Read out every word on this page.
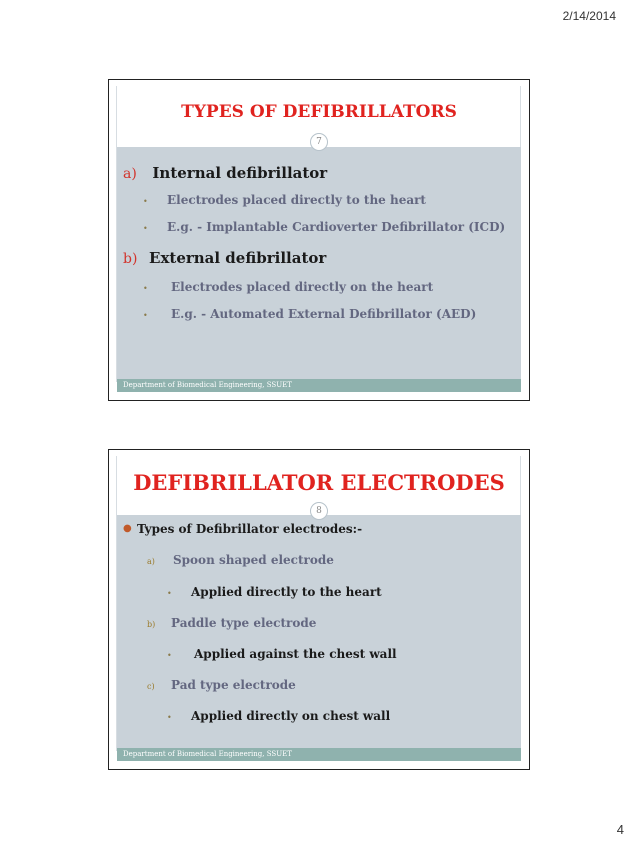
2/14/2014
TYPES OF DEFIBRILLATORS
7
a) Internal defibrillator
• Electrodes placed directly to the heart
• E.g. - Implantable Cardioverter Defibrillator (ICD)
b) External defibrillator
• Electrodes placed directly on the heart
• E.g. - Automated External Defibrillator (AED)
Department of Biomedical Engineering, SSUET
DEFIBRILLATOR ELECTRODES
8
● Types of Defibrillator electrodes:-
a) Spoon shaped electrode
• Applied directly to the heart
b) Paddle type electrode
• Applied against the chest wall
c) Pad type electrode
• Applied directly on chest wall
Department of Biomedical Engineering, SSUET
4
